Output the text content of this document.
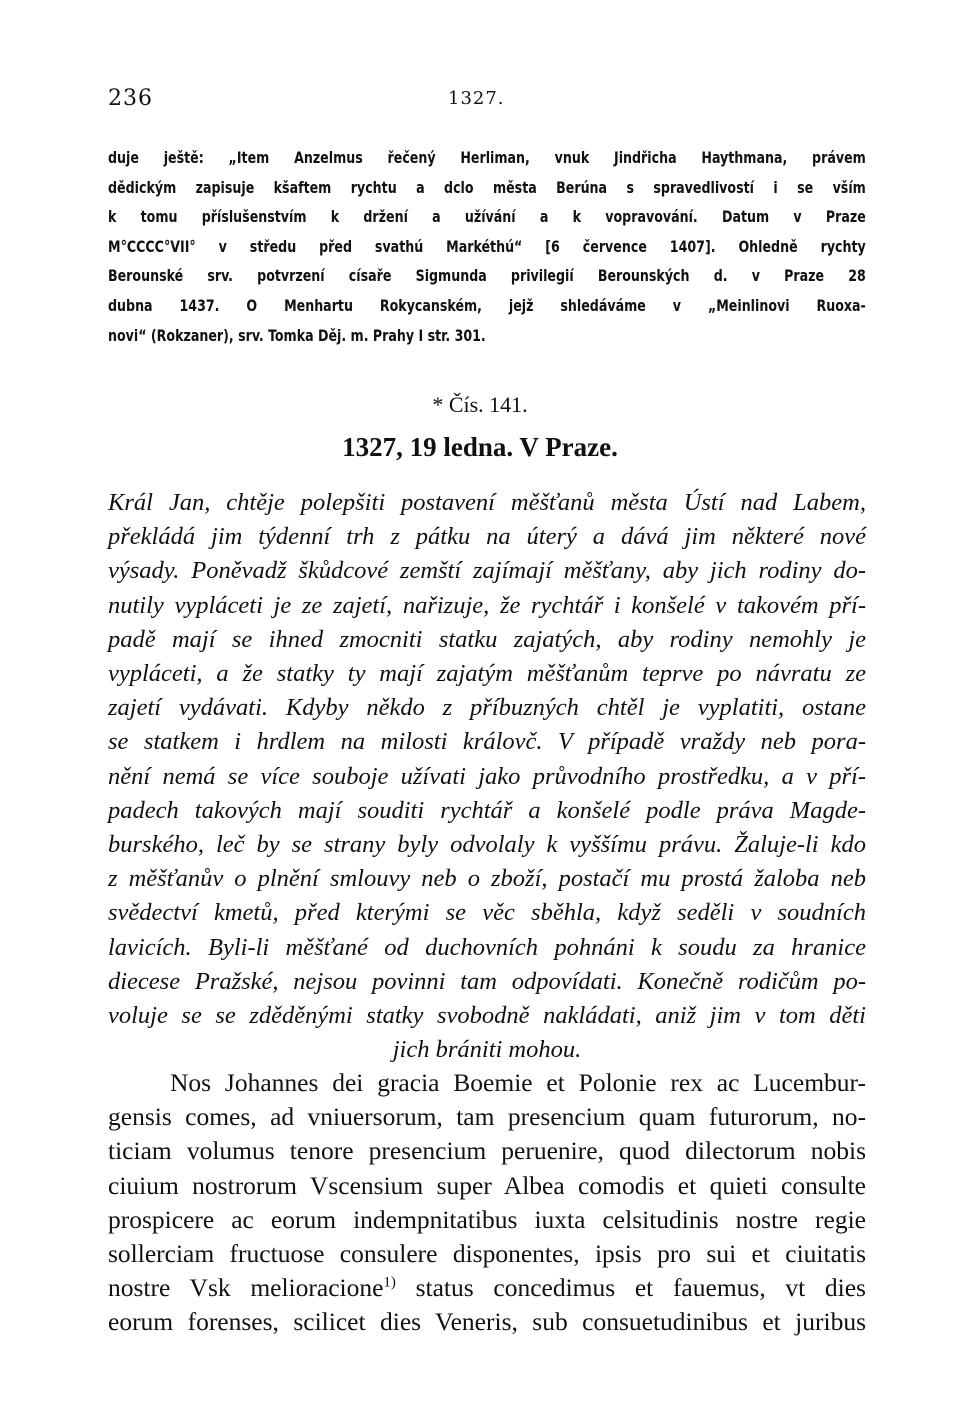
236	1327.

duje ještě: „Item Anzelmus řečený Herliman, vnuk Jindřicha Haythmana, právem
dědickým zapisuje kšaftem rychtu a dclo města Berúna s spravedlivostí i se vším
k tomu příslušenstvím k držení a užívání a k vopravování. Datum v Praze
M°CCCC°VII° v středu před svathú Markéthú“ [6 července 1407]. Ohledně rychty
Berounské srv. potvrzení císaře Sigmunda privilegií Berounských d. v Praze 28
dubna 1437. O Menhartu Rokycanském, jejž shledáváme v „Meinlinovi Ruoxa-
novi“ (Rokzaner), srv. Tomka Děj. m. Prahy I str. 301.

* Čís. 141.
1327, 19 ledna. V Praze.

Král Jan, chtěje polepšiti postavení měšťanů města Ústí nad Labem,
překládá jim týdenní trh z pátku na úterý a dává jim některé nové
výsady. Poněvadž škůdcové zemští zajímají měšťany, aby jich rodiny do-
nutily vypláceti je ze zajetí, nařizuje, že rychtář i konšelé v takovém pří-
padě mají se ihned zmocniti statku zajatých, aby rodiny nemohly je
vypláceti, a že statky ty mají zajatým měšťanům teprve po návratu ze
zajetí vydávati. Kdyby někdo z příbuzných chtěl je vyplatiti, ostane
se statkem i hrdlem na milosti královč. V případě vraždy neb pora-
nění nemá se více souboje užívati jako průvodního prostředku, a v pří-
padech takových mají souditi rychtář a konšelé podle práva Magde-
burského, leč by se strany byly odvolaly k vyššímu právu. Žaluje-li kdo
z měšťanův o plnění smlouvy neb o zboží, postačí mu prostá žaloba neb
svědectví kmetů, před kterými se věc sběhla, když seděli v soudních
lavicích. Byli-li měšťané od duchovních pohnáni k soudu za hranice
diecese Pražské, nejsou povinni tam odpovídati. Konečně rodičům po-
voluje se se zděděnými statky svobodně nakládati, aniž jim v tom děti
jich brániti mohou.

Nos Johannes dei gracia Boemie et Polonie rex ac Lucembur-
gensis comes, ad vniuersorum, tam presencium quam futurorum, no-
ticiam volumus tenore presencium peruenire, quod dilectorum nobis
ciuium nostrorum Vscensium super Albea comodis et quieti consulte
prospicere ac eorum indempnitatibus iuxta celsitudinis nostre regie
sollerciam fructuose consulere disponentes, ipsis pro sui et ciuitatis
nostre Vsk melioracione$^{1)}$ status concedimus et fauemus, vt dies
eorum forenses, scilicet dies Veneris, sub consuetudinibus et juribus
